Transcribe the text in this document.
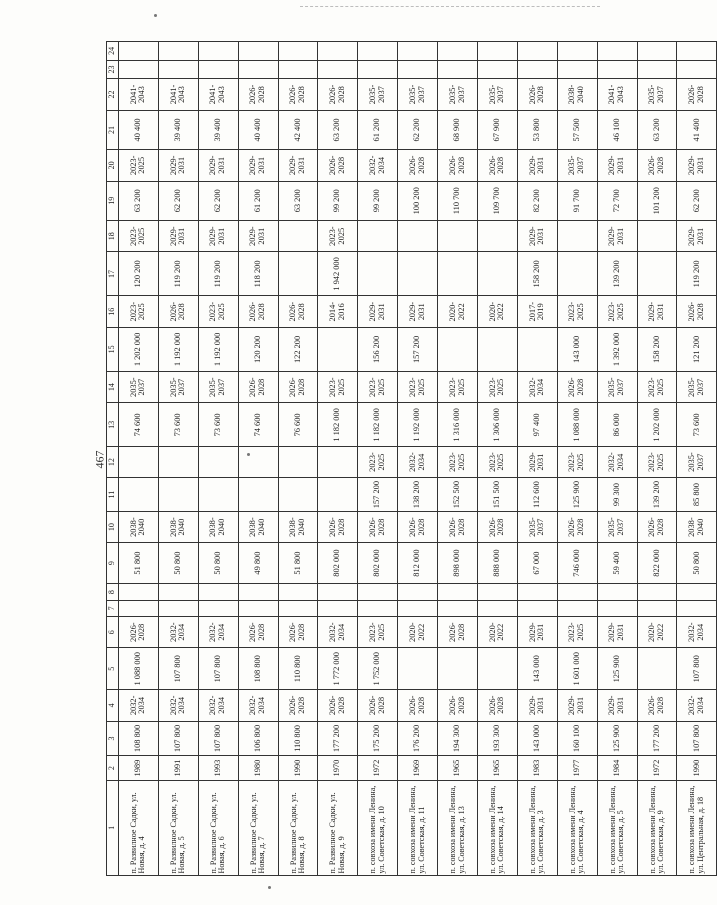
467
1	2	3	4	5	6	7	8	9	10	11	12	13	14	15	16	17	18	19	20	21	22	23	24
п. Развилное Садки, ул. Новая, д. 4	1989	108 800	2032-2034	1 088 000	2026-2028			51 800	2038-2040			74 600	2035-2037	1 202 000	2023-2025	120 200	2023-2025	63 200	2023-2025	40 400	2041-2043		
п. Развилное Садки, ул. Новая, д. 5	1991	107 800	2032-2034	107 800	2032-2034			50 800	2038-2040			73 600	2035-2037	1 192 000	2026-2028	119 200	2029-2031	62 200	2029-2031	39 400	2041-2043		
п. Развилное Садки, ул. Новая, д. 6	1993	107 800	2032-2034	107 800	2032-2034			50 800	2038-2040			73 600	2035-2037	1 192 000	2023-2025	119 200	2029-2031	62 200	2029-2031	39 400	2041-2043		
п. Развилное Садки, ул. Новая, д. 7	1980	106 800	2032-2034	108 800	2026-2028			49 800	2038-2040			74 600	2026-2028	120 200	2026-2028	118 200	2029-2031	61 200	2029-2031	40 400	2026-2028		
п. Развилное Садки, ул. Новая, д. 8	1990	110 800	2026-2028	110 800	2026-2028			51 800	2038-2040			76 600	2026-2028	122 200	2026-2028			63 200	2029-2031	42 400	2026-2028		
п. Развилное Садки, ул. Новая, д. 9	1970	177 200	2026-2028	1 772 000	2032-2034			802 000	2026-2028			1 182 000	2023-2025		2014-2016	1 942 000	2023-2025	99 200	2026-2028	63 200	2026-2028		
п. совхоза имени Ленина, ул. Советская, д. 10	1972	175 200	2026-2028	1 752 000	2023-2025			802 000	2026-2028	157 200	2023-2025	1 182 000	2023-2025	156 200	2029-2031			99 200	2032-2034	61 200	2035-2037		
п. совхоза имени Ленина, ул. Советская, д. 11	1969	176 200	2026-2028		2020-2022			812 000	2026-2028	138 200	2032-2034	1 192 000	2023-2025	157 200	2029-2031			100 200	2026-2028	62 200	2035-2037		
п. совхоза имени Ленина, ул. Советская, д. 13	1965	194 300	2026-2028		2026-2028			898 000	2026-2028	152 500	2023-2025	1 316 000	2023-2025		2020-2022			110 700	2026-2028	68 900	2035-2037		
п. совхоза имени Ленина, ул. Советская, д. 14	1965	193 300	2026-2028		2020-2022			888 000	2026-2028	151 500	2023-2025	1 306 000	2023-2025		2020-2022			109 700	2026-2028	67 900	2035-2037		
п. совхоза имени Ленина, ул. Советская, д. 3	1983	143 000	2029-2031	143 000	2029-2031			67 000	2035-2037	112 600	2029-2031	97 400	2032-2034		2017-2019	158 200	2029-2031	82 200	2029-2031	53 800	2026-2028		
п. совхоза имени Ленина, ул. Советская, д. 4	1977	160 100	2029-2031	1 601 000	2023-2025			746 000	2026-2028	125 900	2023-2025	1 088 000	2026-2028	143 000	2023-2025			91 700	2035-2037	57 500	2038-2040		
п. совхоза имени Ленина, ул. Советская, д. 5	1984	125 900	2029-2031	125 900	2029-2031			59 400	2035-2037	99 300	2032-2034	86 000	2035-2037	1 392 000	2023-2025	139 200	2029-2031	72 700	2029-2031	46 100	2041-2043		
п. совхоза имени Ленина, ул. Советская, д. 9	1972	177 200	2026-2028		2020-2022			822 000	2026-2028	139 200	2023-2025	1 202 000	2023-2025	158 200	2029-2031			101 200	2026-2028	63 200	2035-2037		
п. совхоза имени Ленина, ул. Центральная, д. 18	1990	107 800	2032-2034	107 800	2032-2034			50 800	2038-2040	85 800	2035-2037	73 600	2035-2037	121 200	2026-2028	119 200	2029-2031	62 200	2029-2031	41 400	2026-2028		
